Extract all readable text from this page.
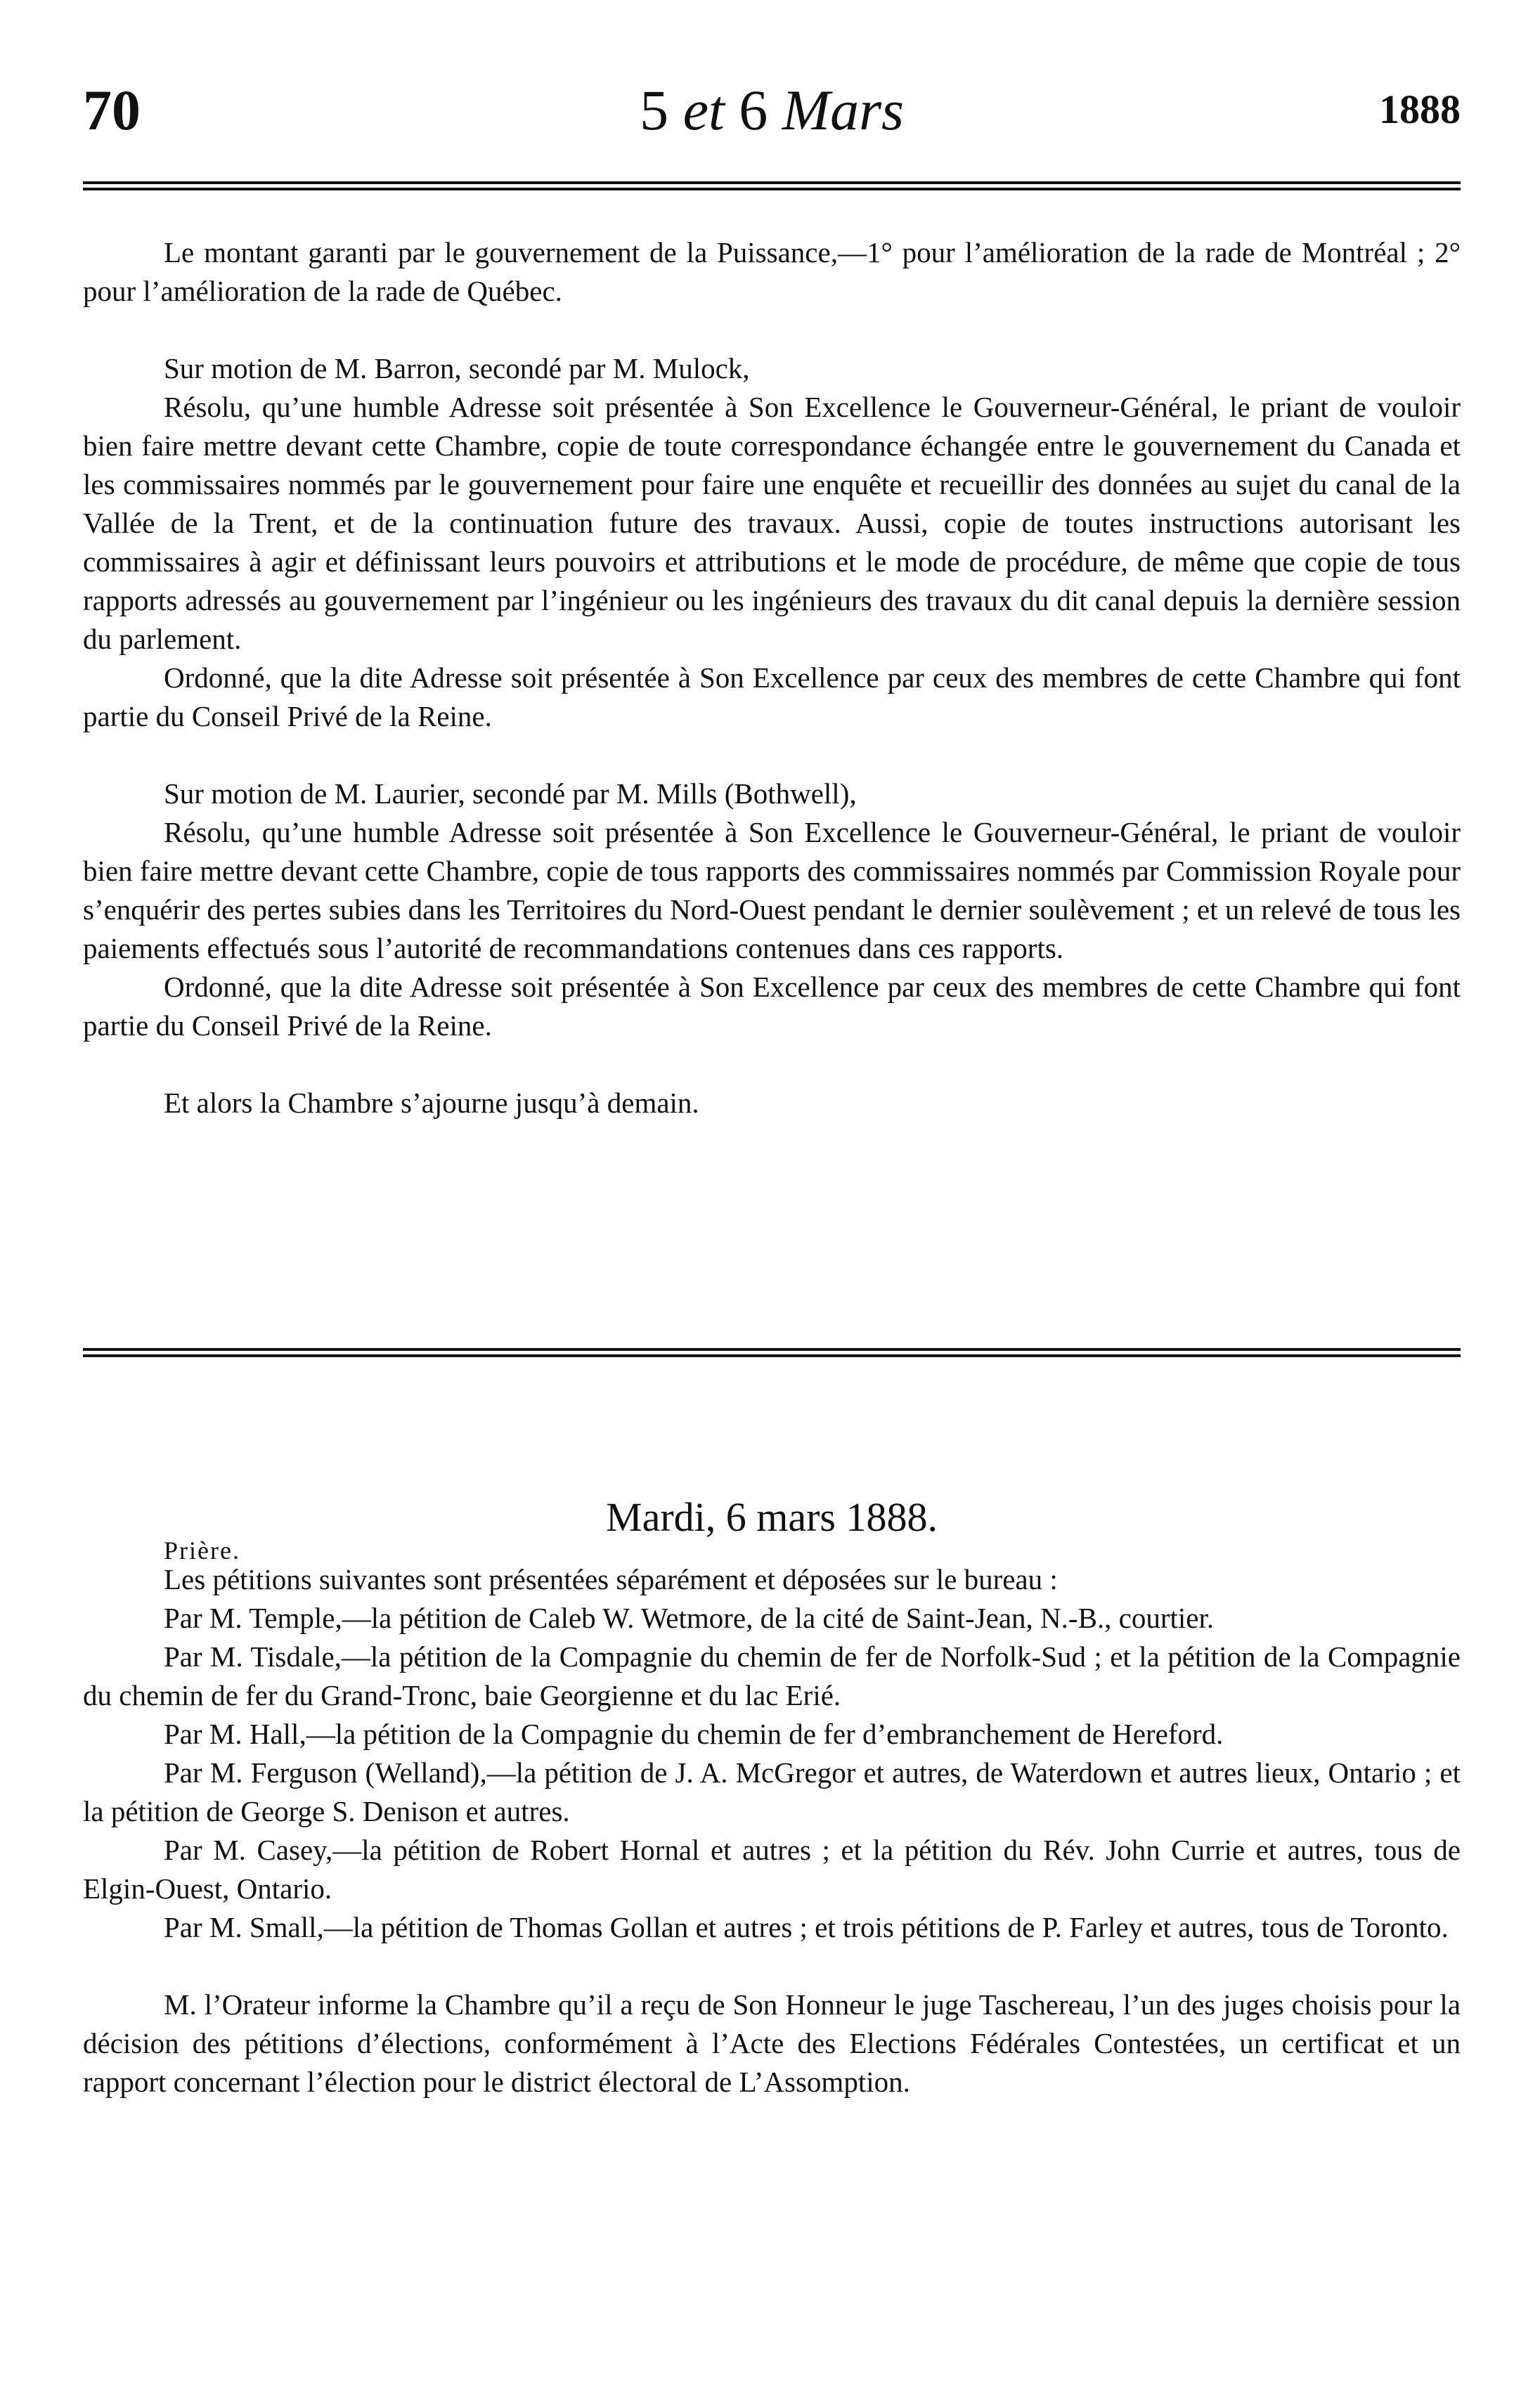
70	5 et 6 Mars	1888

Le montant garanti par le gouvernement de la Puissance,—1° pour l’amélioration de la rade de Montréal ; 2° pour l’amélioration de la rade de Québec.

Sur motion de M. Barron, secondé par M. Mulock,

Résolu, qu’une humble Adresse soit présentée à Son Excellence le Gouverneur-Général, le priant de vouloir bien faire mettre devant cette Chambre, copie de toute correspondance échangée entre le gouvernement du Canada et les commissaires nommés par le gouvernement pour faire une enquête et recueillir des données au sujet du canal de la Vallée de la Trent, et de la continuation future des travaux. Aussi, copie de toutes instructions autorisant les commissaires à agir et définissant leurs pouvoirs et attributions et le mode de procédure, de même que copie de tous rapports adressés au gouvernement par l’ingénieur ou les ingénieurs des travaux du dit canal depuis la dernière session du parlement.

Ordonné, que la dite Adresse soit présentée à Son Excellence par ceux des membres de cette Chambre qui font partie du Conseil Privé de la Reine.

Sur motion de M. Laurier, secondé par M. Mills (Bothwell),

Résolu, qu’une humble Adresse soit présentée à Son Excellence le Gouverneur-Général, le priant de vouloir bien faire mettre devant cette Chambre, copie de tous rapports des commissaires nommés par Commission Royale pour s’enquérir des pertes subies dans les Territoires du Nord-Ouest pendant le dernier soulèvement ; et un relevé de tous les paiements effectués sous l’autorité de recommandations contenues dans ces rapports.

Ordonné, que la dite Adresse soit présentée à Son Excellence par ceux des membres de cette Chambre qui font partie du Conseil Privé de la Reine.

Et alors la Chambre s’ajourne jusqu’à demain.

Mardi, 6 mars 1888.
Prière.

Les pétitions suivantes sont présentées séparément et déposées sur le bureau :

Par M. Temple,—la pétition de Caleb W. Wetmore, de la cité de Saint-Jean, N.-B., courtier.

Par M. Tisdale,—la pétition de la Compagnie du chemin de fer de Norfolk-Sud ; et la pétition de la Compagnie du chemin de fer du Grand-Tronc, baie Georgienne et du lac Erié.

Par M. Hall,—la pétition de la Compagnie du chemin de fer d’embranchement de Hereford.

Par M. Ferguson (Welland),—la pétition de J. A. McGregor et autres, de Waterdown et autres lieux, Ontario ; et la pétition de George S. Denison et autres.

Par M. Casey,—la pétition de Robert Hornal et autres ; et la pétition du Rév. John Currie et autres, tous de Elgin-Ouest, Ontario.

Par M. Small,—la pétition de Thomas Gollan et autres ; et trois pétitions de P. Farley et autres, tous de Toronto.

M. l’Orateur informe la Chambre qu’il a reçu de Son Honneur le juge Taschereau, l’un des juges choisis pour la décision des pétitions d’élections, conformément à l’Acte des Elections Fédérales Contestées, un certificat et un rapport concernant l’élection pour le district électoral de L’Assomption.
